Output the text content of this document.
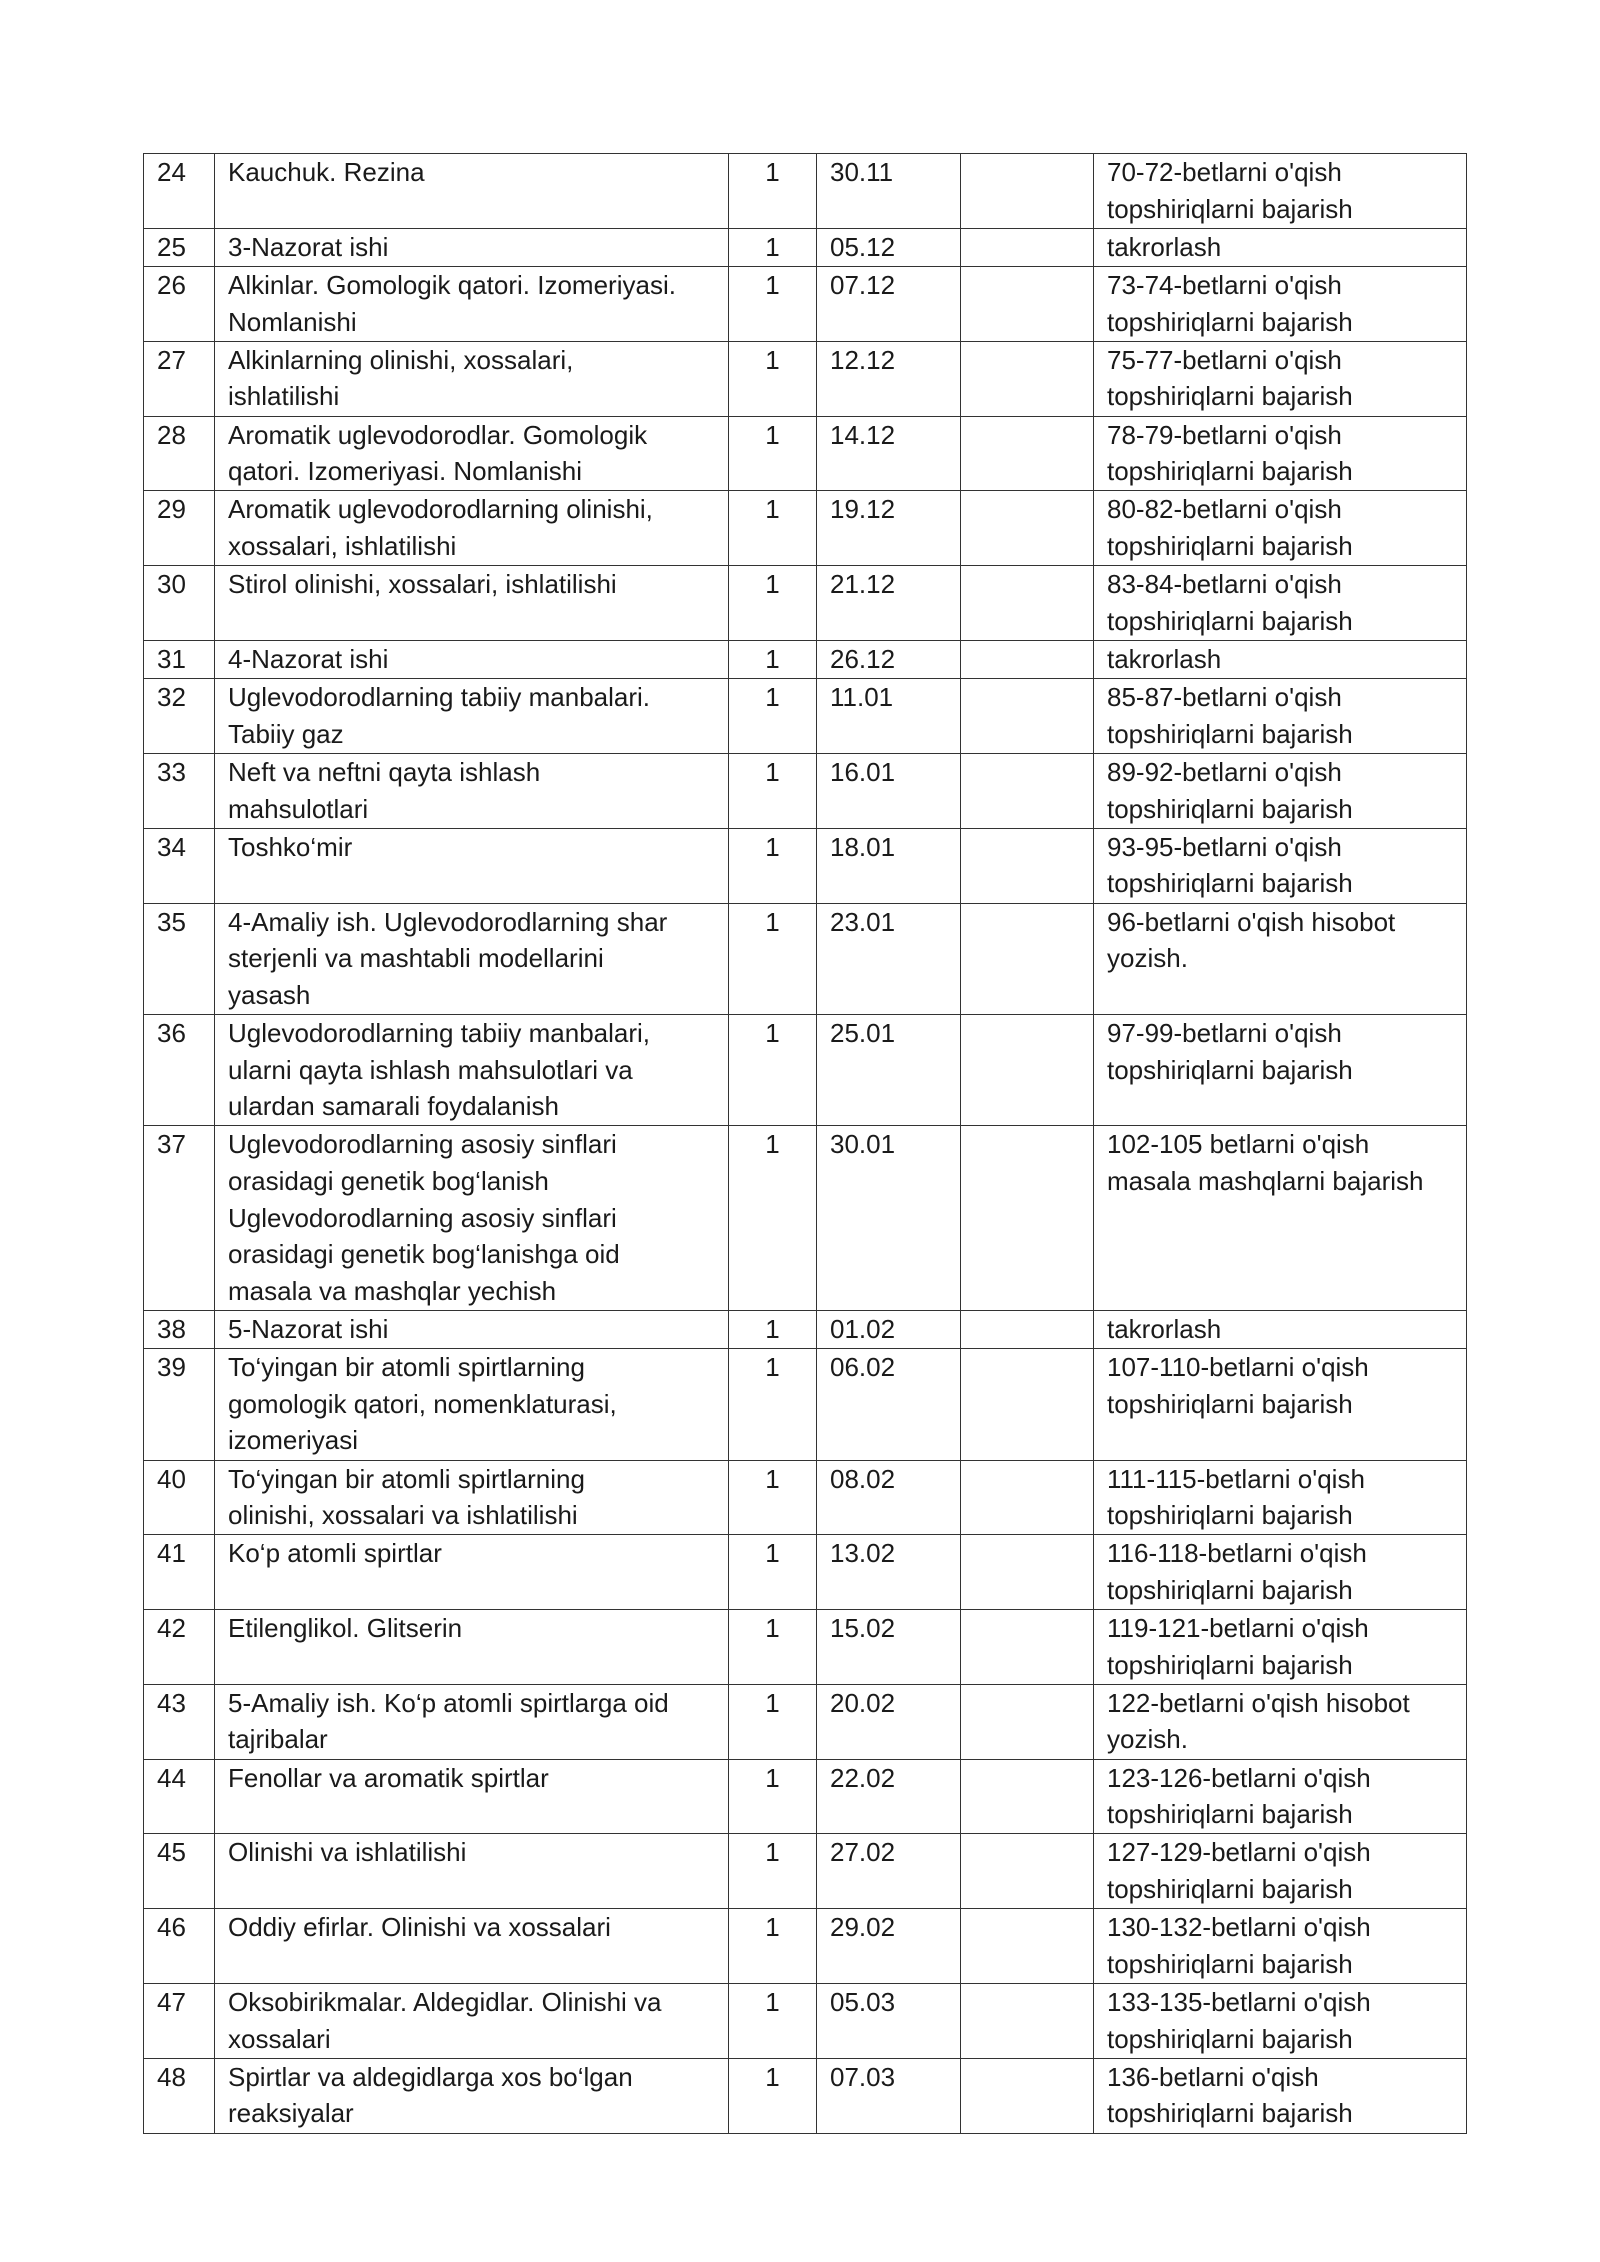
24	Kauchuk. Rezina	1	30.11		70-72-betlarni o'qish
topshiriqlarni bajarish

25	3-Nazorat ishi	1	05.12		takrorlash

26	Alkinlar. Gomologik qatori. Izomeriyasi.
Nomlanishi	1	07.12		73-74-betlarni o'qish
topshiriqlarni bajarish

27	Alkinlarning olinishi, xossalari,
ishlatilishi	1	12.12		75-77-betlarni o'qish
topshiriqlarni bajarish

28	Aromatik uglevodorodlar. Gomologik
qatori. Izomeriyasi. Nomlanishi	1	14.12		78-79-betlarni o'qish
topshiriqlarni bajarish

29	Aromatik uglevodorodlarning olinishi,
xossalari, ishlatilishi	1	19.12		80-82-betlarni o'qish
topshiriqlarni bajarish

30	Stirol olinishi, xossalari, ishlatilishi	1	21.12		83-84-betlarni o'qish
topshiriqlarni bajarish

31	4-Nazorat ishi	1	26.12		takrorlash

32	Uglevodorodlarning tabiiy manbalari.
Tabiiy gaz	1	11.01		85-87-betlarni o'qish
topshiriqlarni bajarish

33	Neft va neftni qayta ishlash
mahsulotlari	1	16.01		89-92-betlarni o'qish
topshiriqlarni bajarish

34	Toshko‘mir	1	18.01		93-95-betlarni o'qish
topshiriqlarni bajarish

35	4-Amaliy ish. Uglevodorodlarning shar
sterjenli va mashtabli modellarini
yasash	1	23.01		96-betlarni o'qish hisobot
yozish.

36	Uglevodorodlarning tabiiy manbalari,
ularni qayta ishlash mahsulotlari va
ulardan samarali foydalanish	1	25.01		97-99-betlarni o'qish
topshiriqlarni bajarish

37	Uglevodorodlarning asosiy sinflari
orasidagi genetik bog‘lanish
Uglevodorodlarning asosiy sinflari
orasidagi genetik bog‘lanishga oid
masala va mashqlar yechish	1	30.01		102-105 betlarni o'qish
masala mashqlarni bajarish

38	5-Nazorat ishi	1	01.02		takrorlash

39	To‘yingan bir atomli spirtlarning
gomologik qatori, nomenklaturasi,
izomeriyasi	1	06.02		107-110-betlarni o'qish
topshiriqlarni bajarish

40	To‘yingan bir atomli spirtlarning
olinishi, xossalari va ishlatilishi	1	08.02		111-115-betlarni o'qish
topshiriqlarni bajarish

41	Ko‘p atomli spirtlar	1	13.02		116-118-betlarni o'qish
topshiriqlarni bajarish

42	Etilenglikol. Glitserin	1	15.02		119-121-betlarni o'qish
topshiriqlarni bajarish

43	5-Amaliy ish. Ko‘p atomli spirtlarga oid
tajribalar	1	20.02		122-betlarni o'qish hisobot
yozish.

44	Fenollar va aromatik spirtlar	1	22.02		123-126-betlarni o'qish
topshiriqlarni bajarish

45	Olinishi va ishlatilishi	1	27.02		127-129-betlarni o'qish
topshiriqlarni bajarish

46	Oddiy efirlar. Olinishi va xossalari	1	29.02		130-132-betlarni o'qish
topshiriqlarni bajarish

47	Oksobirikmalar. Aldegidlar. Olinishi va
xossalari	1	05.03		133-135-betlarni o'qish
topshiriqlarni bajarish

48	Spirtlar va aldegidlarga xos bo‘lgan
reaksiyalar	1	07.03		136-betlarni o'qish
topshiriqlarni bajarish
